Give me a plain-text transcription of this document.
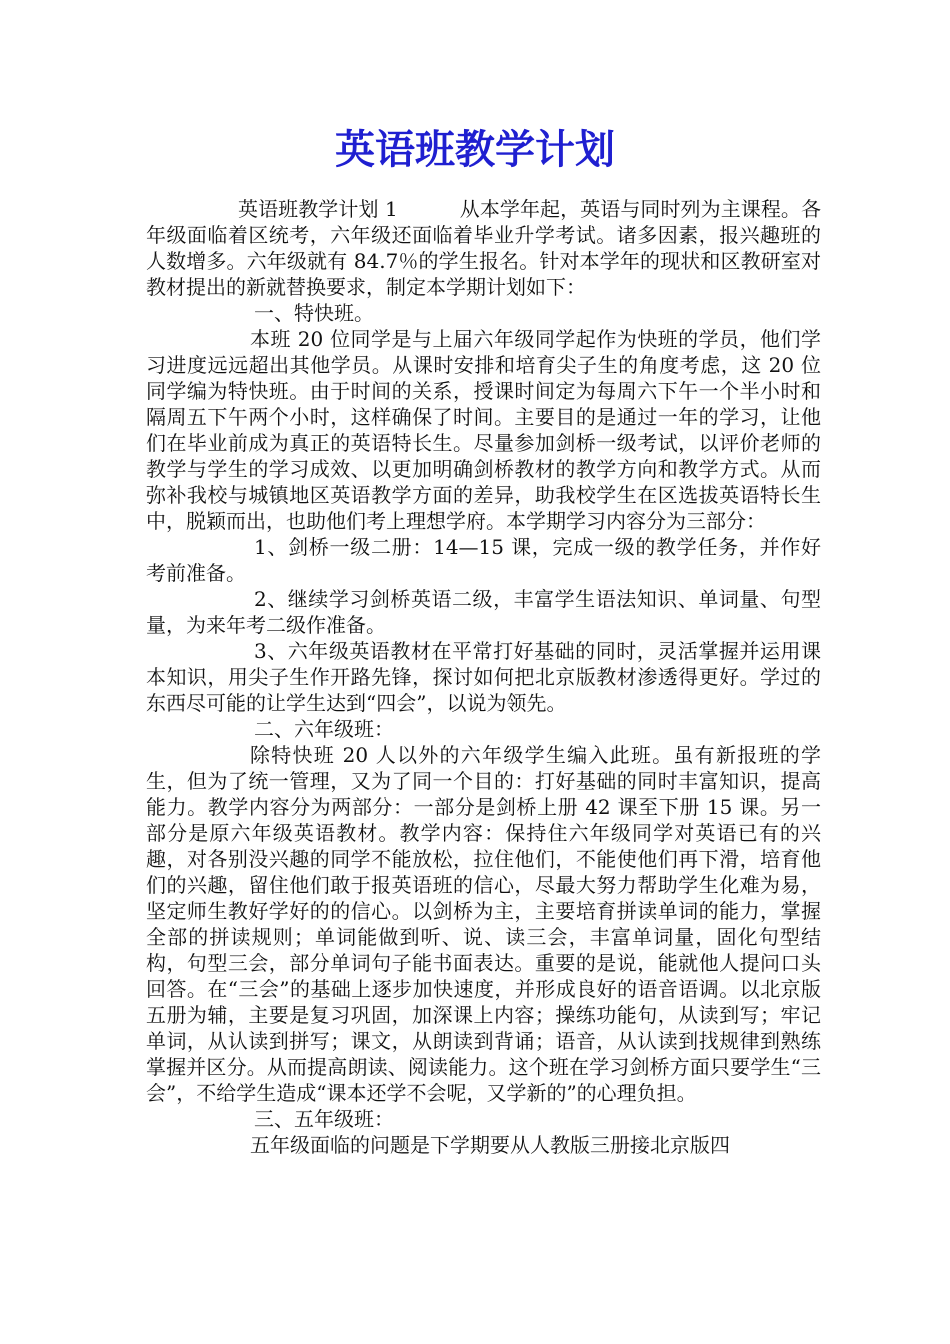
英语班教学计划

英语班教学计划 1	从本学年起，英语与同时列为主课程。各年级面临着区统考，六年级还面临着毕业升学考试。诸多因素，报兴趣班的人数增多。六年级就有 84.7％的学生报名。针对本学年的现状和区教研室对教材提出的新就替换要求，制定本学期计划如下：

一、特快班。

本班 20 位同学是与上届六年级同学起作为快班的学员，他们学习进度远远超出其他学员。从课时安排和培育尖子生的角度考虑，这 20 位同学编为特快班。由于时间的关系，授课时间定为每周六下午一个半小时和隔周五下午两个小时，这样确保了时间。主要目的是通过一年的学习，让他们在毕业前成为真正的英语特长生。尽量参加剑桥一级考试，以评价老师的教学与学生的学习成效、以更加明确剑桥教材的教学方向和教学方式。从而弥补我校与城镇地区英语教学方面的差异，助我校学生在区选拔英语特长生中，脱颖而出，也助他们考上理想学府。本学期学习内容分为三部分：

1、剑桥一级二册：14—15 课，完成一级的教学任务，并作好考前准备。

2、继续学习剑桥英语二级，丰富学生语法知识、单词量、句型量，为来年考二级作准备。

3、六年级英语教材在平常打好基础的同时，灵活掌握并运用课本知识，用尖子生作开路先锋，探讨如何把北京版教材渗透得更好。学过的东西尽可能的让学生达到“四会”，以说为领先。

二、六年级班：

除特快班 20 人以外的六年级学生编入此班。虽有新报班的学生，但为了统一管理，又为了同一个目的：打好基础的同时丰富知识，提高能力。教学内容分为两部分：一部分是剑桥上册 42 课至下册 15 课。另一部分是原六年级英语教材。教学内容：保持住六年级同学对英语已有的兴趣，对各别没兴趣的同学不能放松，拉住他们，不能使他们再下滑，培育他们的兴趣，留住他们敢于报英语班的信心，尽最大努力帮助学生化难为易，坚定师生教好学好的的信心。以剑桥为主，主要培育拼读单词的能力，掌握全部的拼读规则；单词能做到听、说、读三会，丰富单词量，固化句型结构，句型三会，部分单词句子能书面表达。重要的是说，能就他人提问口头回答。在“三会”的基础上逐步加快速度，并形成良好的语音语调。以北京版五册为辅，主要是复习巩固，加深课上内容；操练功能句，从读到写；牢记单词，从认读到拼写；课文，从朗读到背诵；语音，从认读到找规律到熟练掌握并区分。从而提高朗读、阅读能力。这个班在学习剑桥方面只要学生“三会”，不给学生造成“课本还学不会呢，又学新的”的心理负担。

三、五年级班：

五年级面临的问题是下学期要从人教版三册接北京版四
